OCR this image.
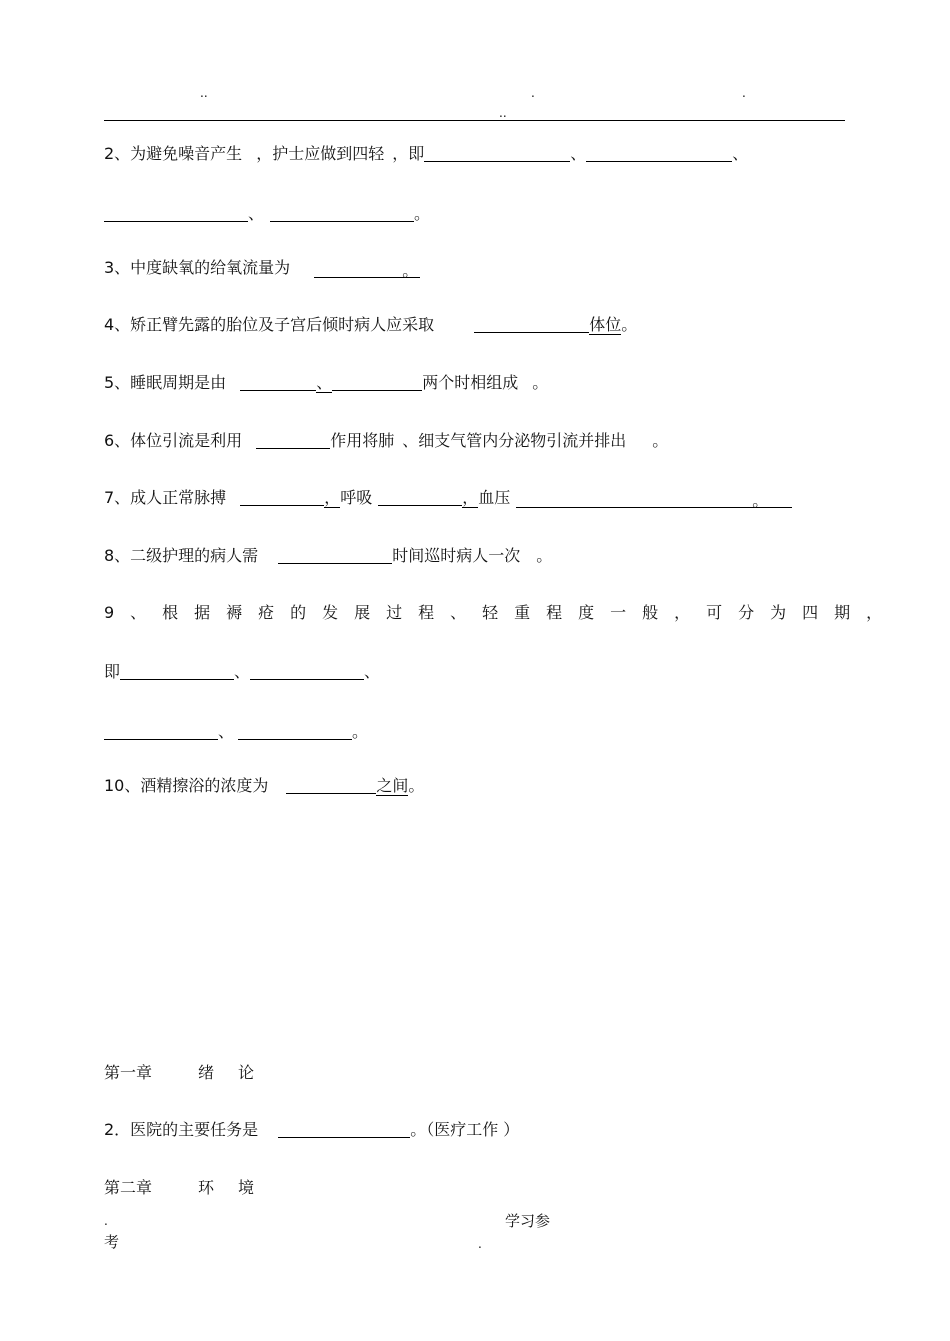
..	.	.
..
2、为避免噪音产生 ，护士应做到四轻 ，即	、	、
、	。
3、中度缺氧的给氧流量为	。
4、矫正臂先露的胎位及子宫后倾时病人应采取	体位。
5、睡眠周期是由	、	两个时相组成 。
6、体位引流是利用	作用将肺 、细支气管内分泌物引流并排出 。
7、成人正常脉搏	，呼吸	，血压	。
8、二级护理的病人需	时间巡时病人一次 。
9、根据褥疮的发展过程、轻重程度一般，可分为四期，
即	、	、
、	。
10、酒精擦浴的浓度为	之间。
第一章	绪 论
2．医院的主要任务是	。（医疗工作 ）
第二章	环 境
.	学习参
考	.
